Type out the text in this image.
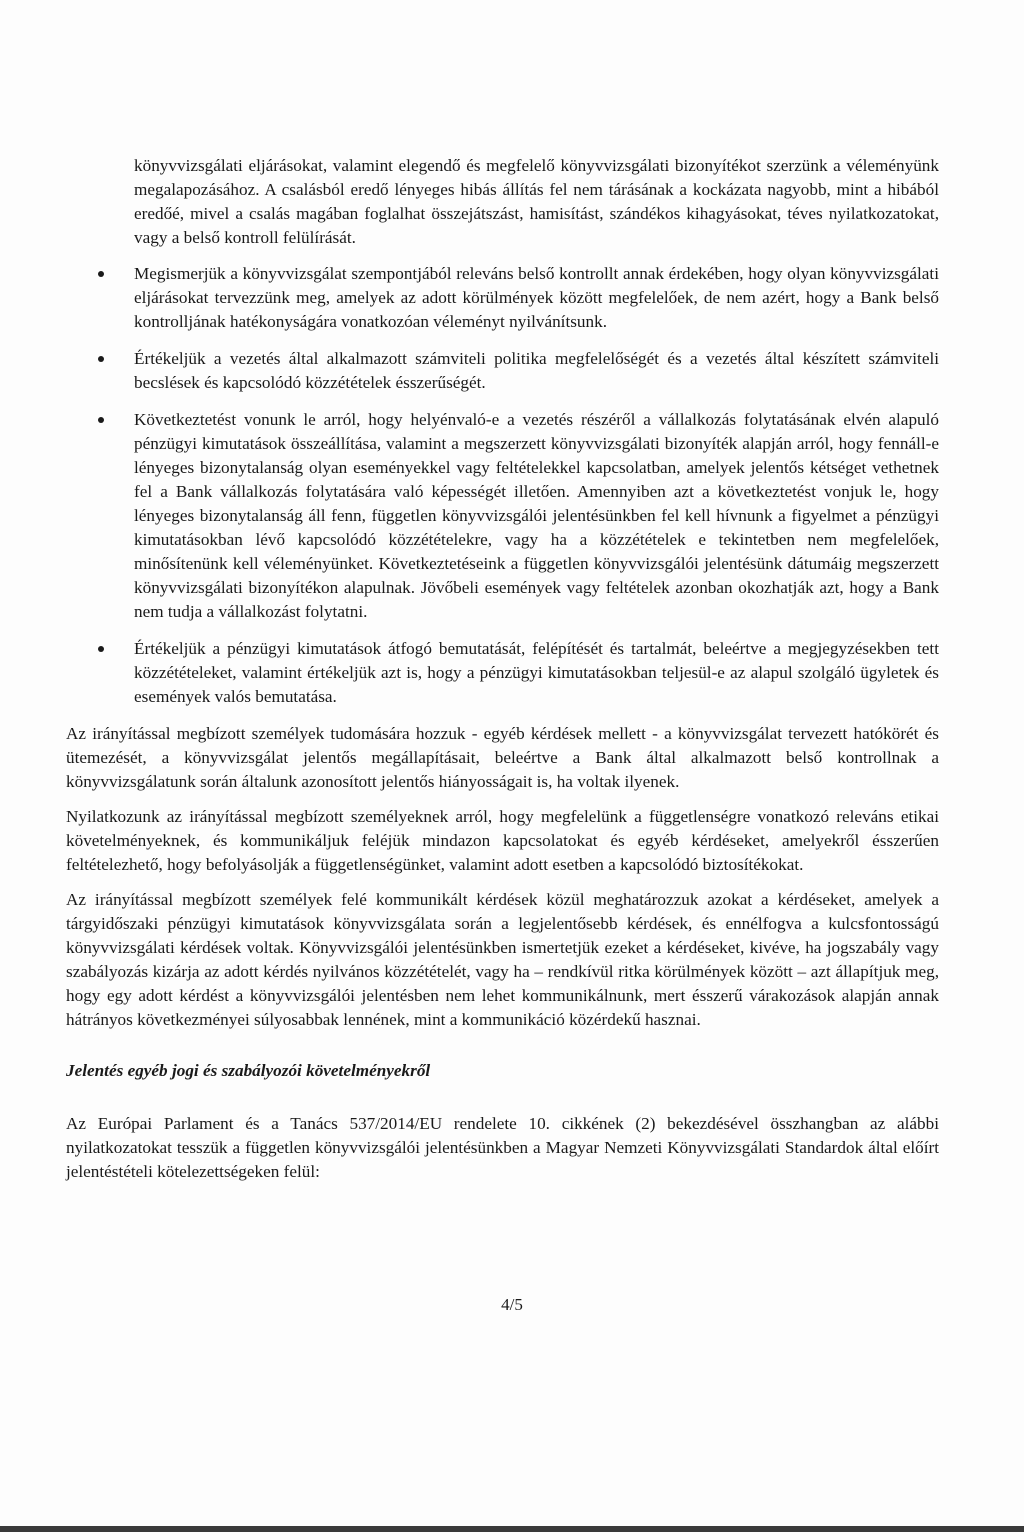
könyvvizsgálati eljárásokat, valamint elegendő és megfelelő könyvvizsgálati bizonyítékot szerzünk a véleményünk megalapozásához. A csalásból eredő lényeges hibás állítás fel nem tárásának a kockázata nagyobb, mint a hibából eredőé, mivel a csalás magában foglalhat összejátszást, hamisítást, szándékos kihagyásokat, téves nyilatkozatokat, vagy a belső kontroll felülírását.

Megismerjük a könyvvizsgálat szempontjából releváns belső kontrollt annak érdekében, hogy olyan könyvvizsgálati eljárásokat tervezzünk meg, amelyek az adott körülmények között megfelelőek, de nem azért, hogy a Bank belső kontrolljának hatékonyságára vonatkozóan véleményt nyilvánítsunk.
Értékeljük a vezetés által alkalmazott számviteli politika megfelelőségét és a vezetés által készített számviteli becslések és kapcsolódó közzétételek ésszerűségét.
Következtetést vonunk le arról, hogy helyénvaló-e a vezetés részéről a vállalkozás folytatásának elvén alapuló pénzügyi kimutatások összeállítása, valamint a megszerzett könyvvizsgálati bizonyíték alapján arról, hogy fennáll-e lényeges bizonytalanság olyan eseményekkel vagy feltételekkel kapcsolatban, amelyek jelentős kétséget vethetnek fel a Bank vállalkozás folytatására való képességét illetően. Amennyiben azt a következtetést vonjuk le, hogy lényeges bizonytalanság áll fenn, független könyvvizsgálói jelentésünkben fel kell hívnunk a figyelmet a pénzügyi kimutatásokban lévő kapcsolódó közzétételekre, vagy ha a közzétételek e tekintetben nem megfelelőek, minősítenünk kell véleményünket. Következtetéseink a független könyvvizsgálói jelentésünk dátumáig megszerzett könyvvizsgálati bizonyítékon alapulnak. Jövőbeli események vagy feltételek azonban okozhatják azt, hogy a Bank nem tudja a vállalkozást folytatni.
Értékeljük a pénzügyi kimutatások átfogó bemutatását, felépítését és tartalmát, beleértve a megjegyzésekben tett közzétételeket, valamint értékeljük azt is, hogy a pénzügyi kimutatásokban teljesül-e az alapul szolgáló ügyletek és események valós bemutatása.

Az irányítással megbízott személyek tudomására hozzuk - egyéb kérdések mellett - a könyvvizsgálat tervezett hatókörét és ütemezését, a könyvvizsgálat jelentős megállapításait, beleértve a Bank által alkalmazott belső kontrollnak a könyvvizsgálatunk során általunk azonosított jelentős hiányosságait is, ha voltak ilyenek.

Nyilatkozunk az irányítással megbízott személyeknek arról, hogy megfelelünk a függetlenségre vonatkozó releváns etikai követelményeknek, és kommunikáljuk feléjük mindazon kapcsolatokat és egyéb kérdéseket, amelyekről ésszerűen feltételezhető, hogy befolyásolják a függetlenségünket, valamint adott esetben a kapcsolódó biztosítékokat.

Az irányítással megbízott személyek felé kommunikált kérdések közül meghatározzuk azokat a kérdéseket, amelyek a tárgyidőszaki pénzügyi kimutatások könyvvizsgálata során a legjelentősebb kérdések, és ennélfogva a kulcsfontosságú könyvvizsgálati kérdések voltak. Könyvvizsgálói jelentésünkben ismertetjük ezeket a kérdéseket, kivéve, ha jogszabály vagy szabályozás kizárja az adott kérdés nyilvános közzétételét, vagy ha – rendkívül ritka körülmények között – azt állapítjuk meg, hogy egy adott kérdést a könyvvizsgálói jelentésben nem lehet kommunikálnunk, mert ésszerű várakozások alapján annak hátrányos következményei súlyosabbak lennének, mint a kommunikáció közérdekű hasznai.

Jelentés egyéb jogi és szabályozói követelményekről

Az Európai Parlament és a Tanács 537/2014/EU rendelete 10. cikkének (2) bekezdésével összhangban az alábbi nyilatkozatokat tesszük a független könyvvizsgálói jelentésünkben a Magyar Nemzeti Könyvvizsgálati Standardok által előírt jelentéstételi kötelezettségeken felül:

4/5
